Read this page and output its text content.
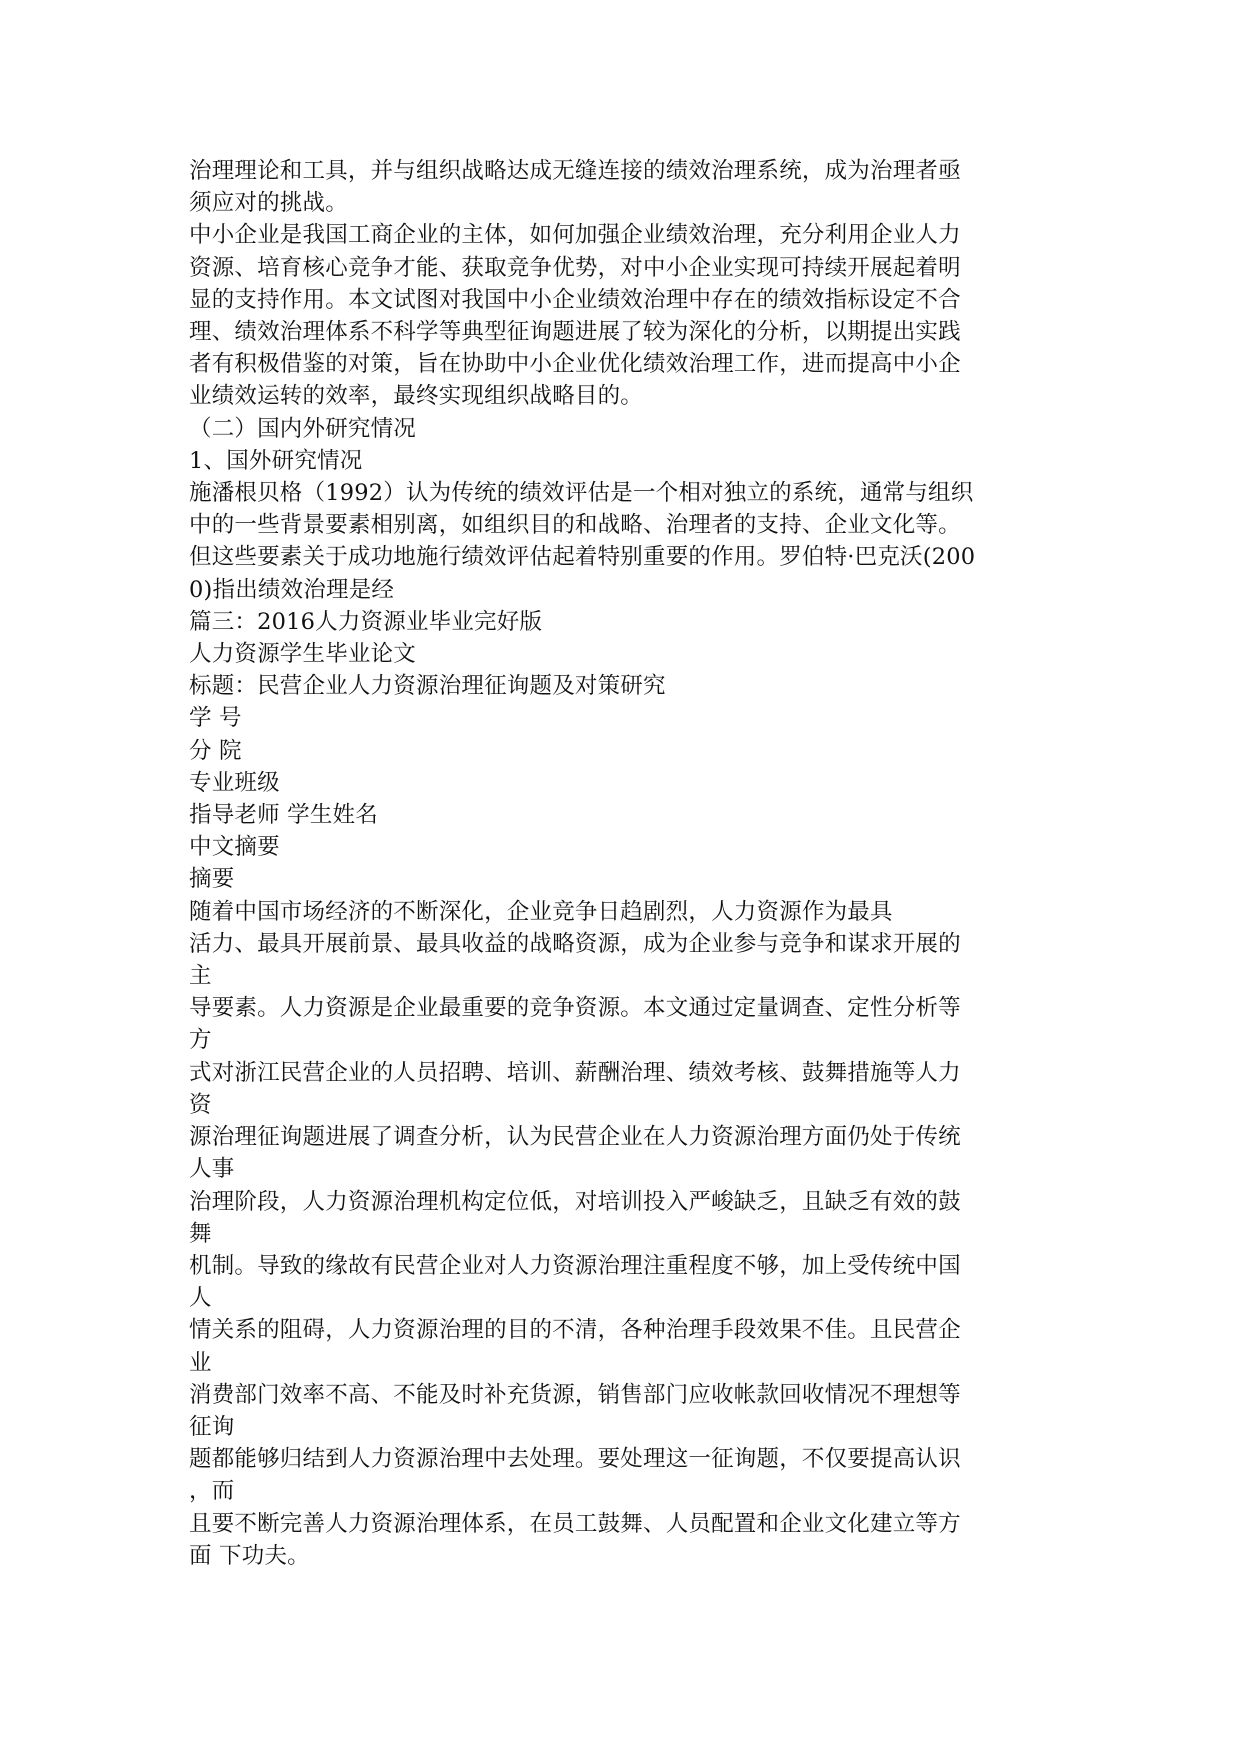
治理理论和工具，并与组织战略达成无缝连接的绩效治理系统，成为治理者亟

须应对的挑战。

中小企业是我国工商企业的主体，如何加强企业绩效治理，充分利用企业人力

资源、培育核心竞争才能、获取竞争优势，对中小企业实现可持续开展起着明

显的支持作用。本文试图对我国中小企业绩效治理中存在的绩效指标设定不合

理、绩效治理体系不科学等典型征询题进展了较为深化的分析，以期提出实践

者有积极借鉴的对策，旨在协助中小企业优化绩效治理工作，进而提高中小企

业绩效运转的效率，最终实现组织战略目的。

（二）国内外研究情况

1、国外研究情况

施潘根贝格（1992）认为传统的绩效评估是一个相对独立的系统，通常与组织

中的一些背景要素相别离，如组织目的和战略、治理者的支持、企业文化等。

但这些要素关于成功地施行绩效评估起着特别重要的作用。罗伯特·巴克沃(200

0)指出绩效治理是经

篇三：2016人力资源业毕业完好版

人力资源学生毕业论文

标题：民营企业人力资源治理征询题及对策研究

学 号

分 院

专业班级

指导老师 学生姓名

中文摘要

摘要

随着中国市场经济的不断深化，企业竞争日趋剧烈，人力资源作为最具

活力、最具开展前景、最具收益的战略资源，成为企业参与竞争和谋求开展的

主

导要素。人力资源是企业最重要的竞争资源。本文通过定量调查、定性分析等

方

式对浙江民营企业的人员招聘、培训、薪酬治理、绩效考核、鼓舞措施等人力

资

源治理征询题进展了调查分析，认为民营企业在人力资源治理方面仍处于传统

人事

治理阶段，人力资源治理机构定位低，对培训投入严峻缺乏，且缺乏有效的鼓

舞

机制。导致的缘故有民营企业对人力资源治理注重程度不够，加上受传统中国

人

情关系的阻碍，人力资源治理的目的不清，各种治理手段效果不佳。且民营企

业

消费部门效率不高、不能及时补充货源，销售部门应收帐款回收情况不理想等

征询

题都能够归结到人力资源治理中去处理。要处理这一征询题，不仅要提高认识

，而

且要不断完善人力资源治理体系，在员工鼓舞、人员配置和企业文化建立等方

面 下功夫。
